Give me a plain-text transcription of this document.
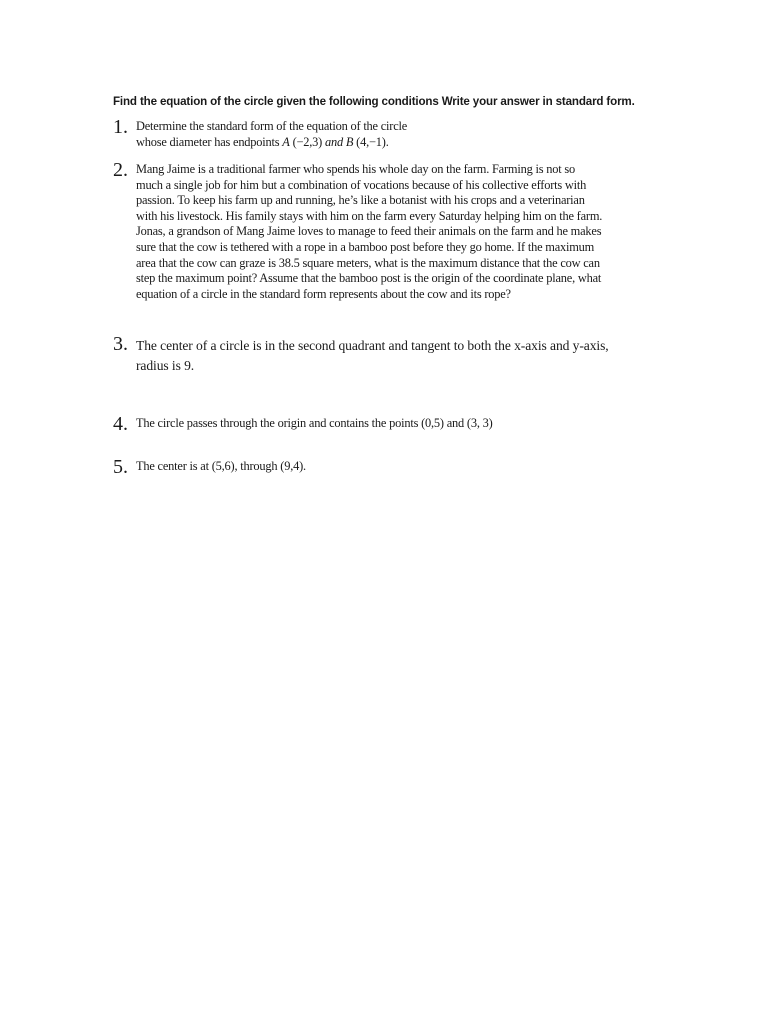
Find the equation of the circle given the following conditions Write your answer in standard form.
1. Determine the standard form of the equation of the circle
whose diameter has endpoints A (−2,3) and B (4,−1).
2. Mang Jaime is a traditional farmer who spends his whole day on the farm. Farming is not so
much a single job for him but a combination of vocations because of his collective efforts with
passion. To keep his farm up and running, he’s like a botanist with his crops and a veterinarian
with his livestock. His family stays with him on the farm every Saturday helping him on the farm.
Jonas, a grandson of Mang Jaime loves to manage to feed their animals on the farm and he makes
sure that the cow is tethered with a rope in a bamboo post before they go home. If the maximum
area that the cow can graze is 38.5 square meters, what is the maximum distance that the cow can
step the maximum point? Assume that the bamboo post is the origin of the coordinate plane, what
equation of a circle in the standard form represents about the cow and its rope?
3. The center of a circle is in the second quadrant and tangent to both the x-axis and y-axis,
radius is 9.
4. The circle passes through the origin and contains the points (0,5) and (3, 3)
5. The center is at (5,6), through (9,4).
